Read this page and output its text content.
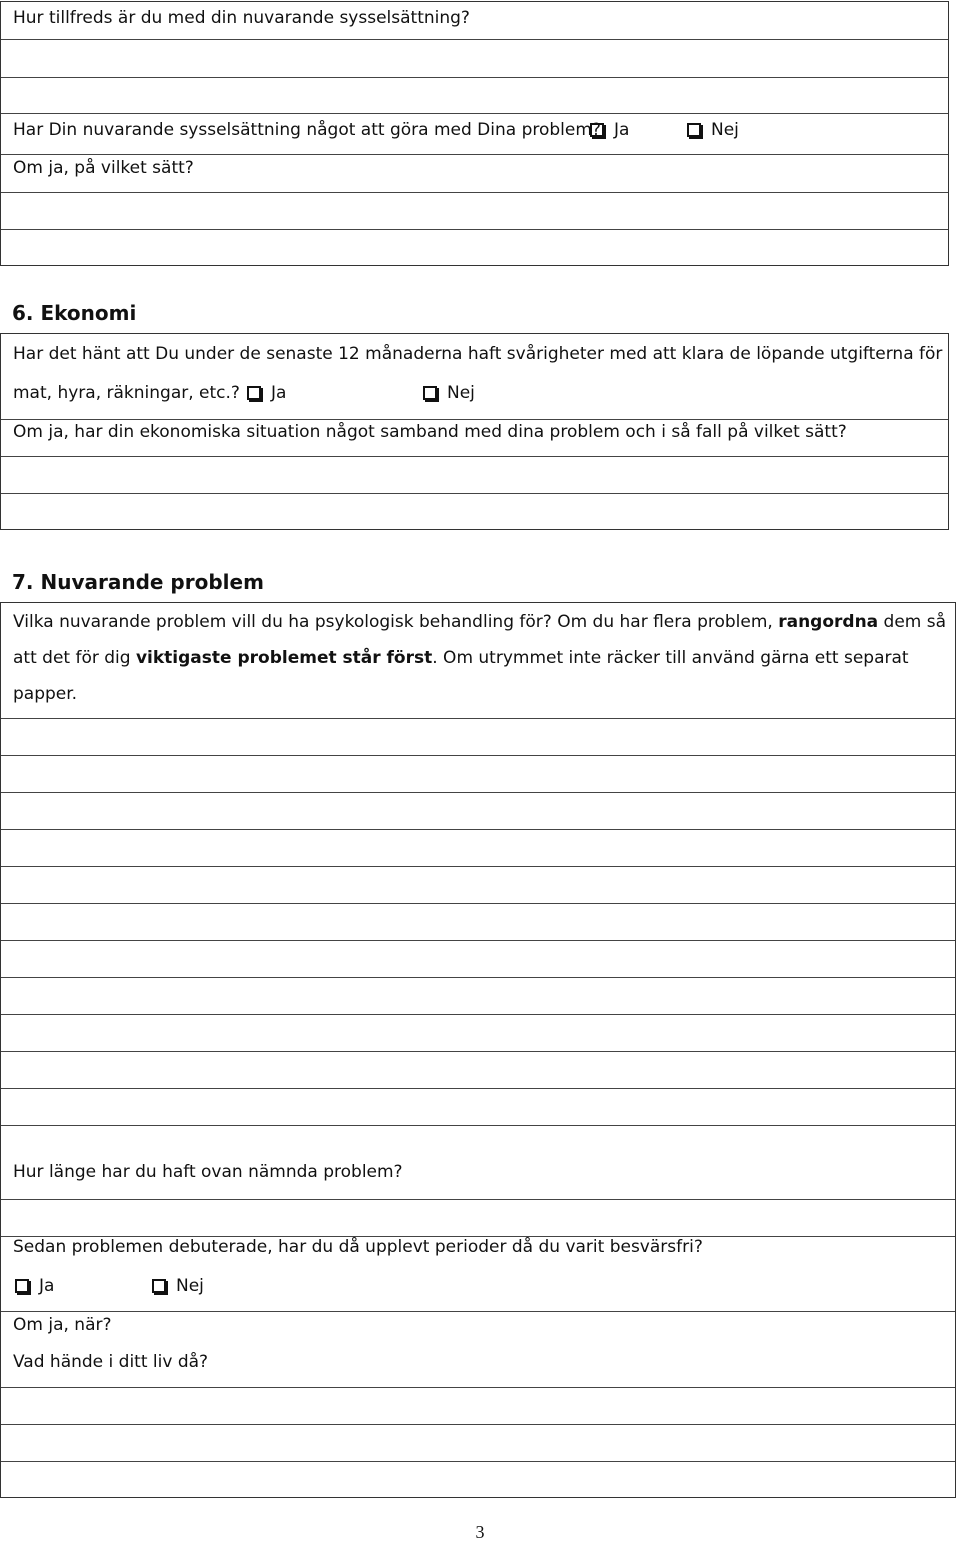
Hur tillfreds är du med din nuvarande sysselsättning?
Har Din nuvarande sysselsättning något att göra med Dina problem? Ja	Nej
Om ja, på vilket sätt?
6. Ekonomi
Har det hänt att Du under de senaste 12 månaderna haft svårigheter med att klara de löpande utgifterna för
mat, hyra, räkningar, etc.?	Ja	Nej
Om ja, har din ekonomiska situation något samband med dina problem och i så fall på vilket sätt?
7. Nuvarande problem
Vilka nuvarande problem vill du ha psykologisk behandling för? Om du har flera problem, rangordna dem så
att det för dig viktigaste problemet står först. Om utrymmet inte räcker till använd gärna ett separat
papper.
Hur länge har du haft ovan nämnda problem?
Sedan problemen debuterade, har du då upplevt perioder då du varit besvärsfri?
Ja	Nej
Om ja, när?
Vad hände i ditt liv då?
3
